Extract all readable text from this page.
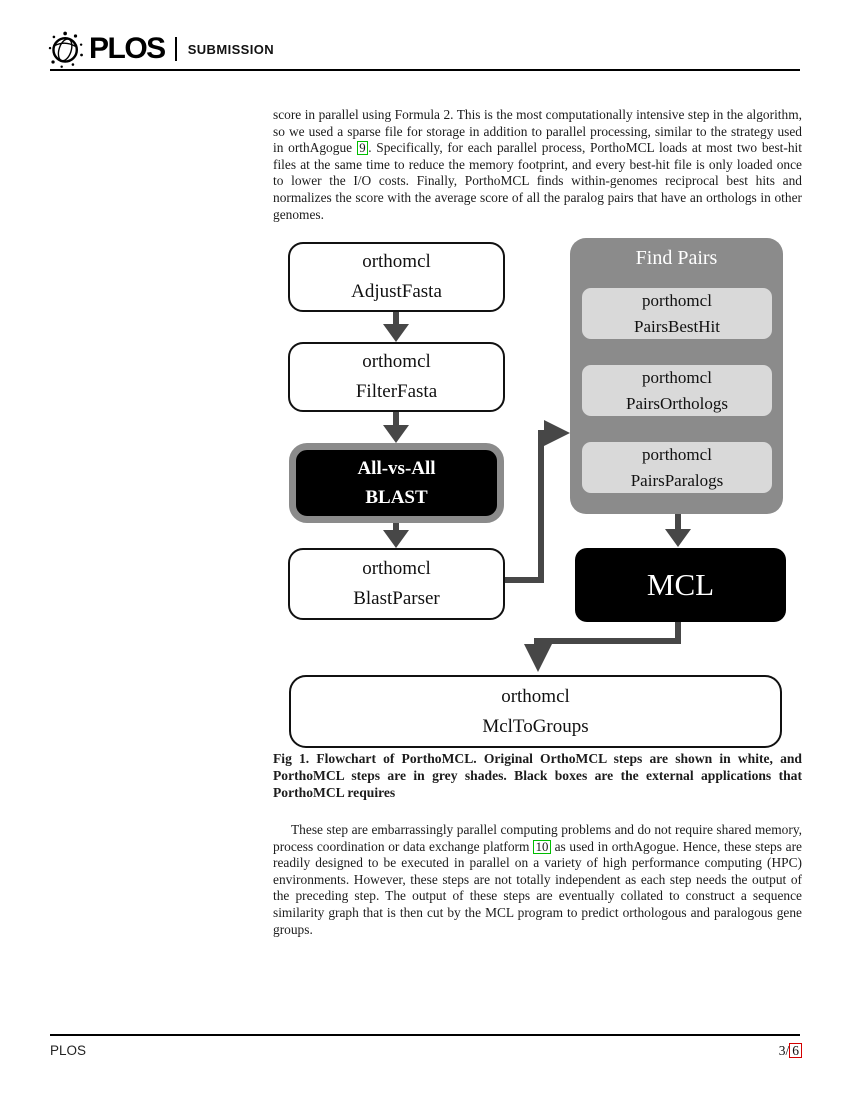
PLOS SUBMISSION

score in parallel using Formula 2. This is the most computationally intensive step in the algorithm, so we used a sparse file for storage in addition to parallel processing, similar to the strategy used in orthAgogue 9 . Specifically, for each parallel process, PorthoMCL loads at most two best-hit files at the same time to reduce the memory footprint, and every best-hit file is only loaded once to lower the I/O costs. Finally, PorthoMCL finds within-genomes reciprocal best hits and normalizes the score with the average score of all the paralog pairs that have an orthologs in other genomes.

orthomcl
AdjustFasta
orthomcl
FilterFasta
All-vs-All
BLAST
orthomcl
BlastParser
Find Pairs
porthomcl
PairsBestHit
porthomcl
PairsOrthologs
porthomcl
PairsParalogs
MCL
orthomcl
MclToGroups

Fig 1. Flowchart of PorthoMCL. Original OrthoMCL steps are shown in white, and PorthoMCL steps are in grey shades. Black boxes are the external applications that PorthoMCL requires

These step are embarrassingly parallel computing problems and do not require shared memory, process coordination or data exchange platform 10 as used in orthAgogue. Hence, these steps are readily designed to be executed in parallel on a variety of high performance computing (HPC) environments. However, these steps are not totally independent as each step needs the output of the preceding step. The output of these steps are eventually collated to construct a sequence similarity graph that is then cut by the MCL program to predict orthologous and paralogous gene groups.

PLOS	3/ 6
